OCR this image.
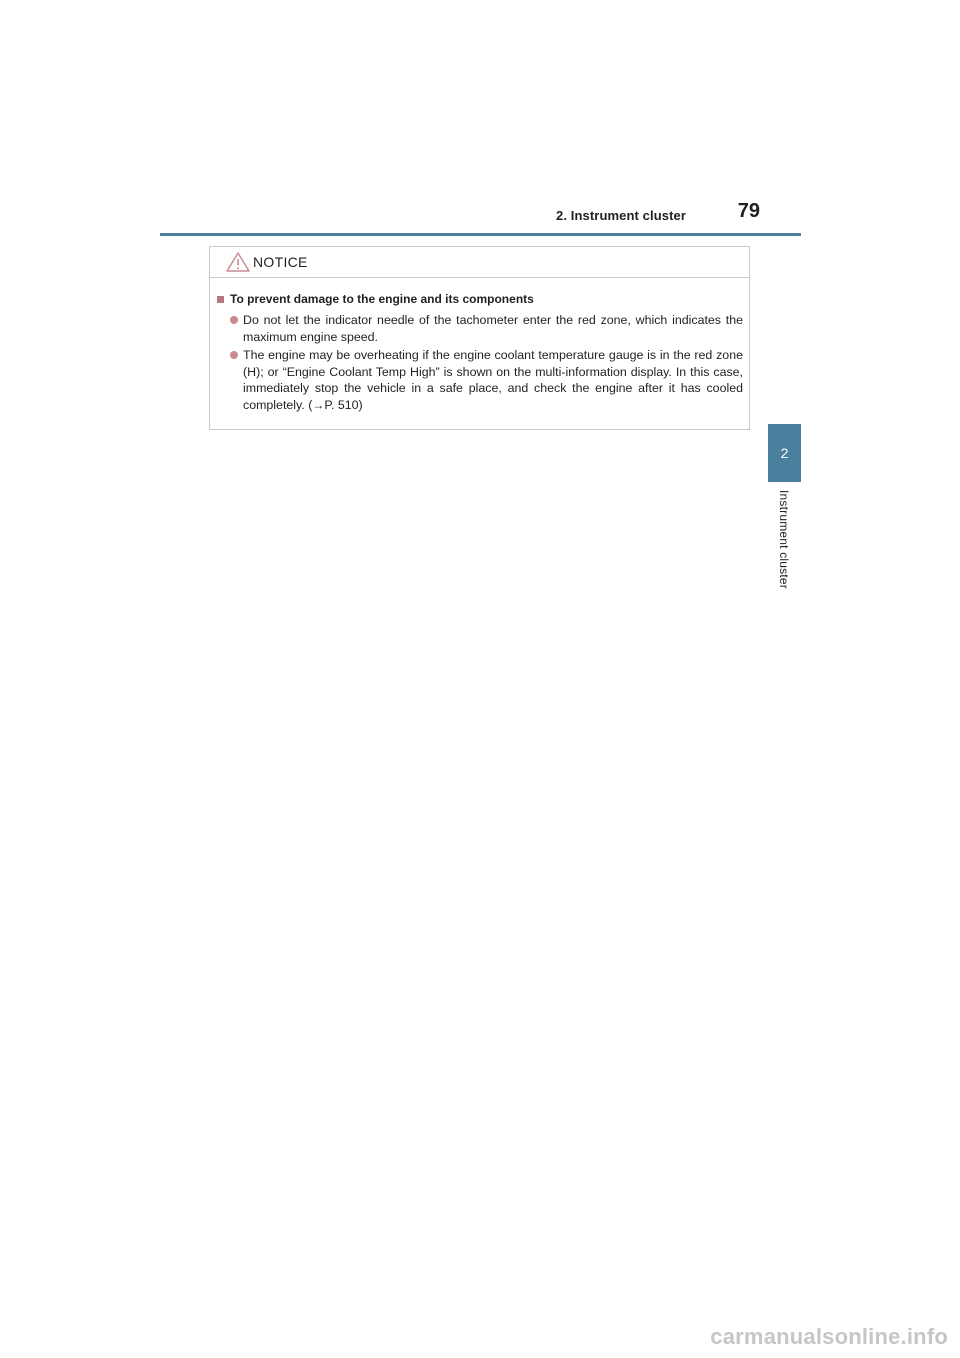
2. Instrument cluster	79
2
Instrument cluster
NOTICE
To prevent damage to the engine and its components
Do not let the indicator needle of the tachometer enter the red zone, which indicates the maximum engine speed.
The engine may be overheating if the engine coolant temperature gauge is in the red zone (H); or “Engine Coolant Temp High” is shown on the multi-information display. In this case, immediately stop the vehicle in a safe place, and check the engine after it has cooled completely. (→P. 510)
carmanualsonline.info
